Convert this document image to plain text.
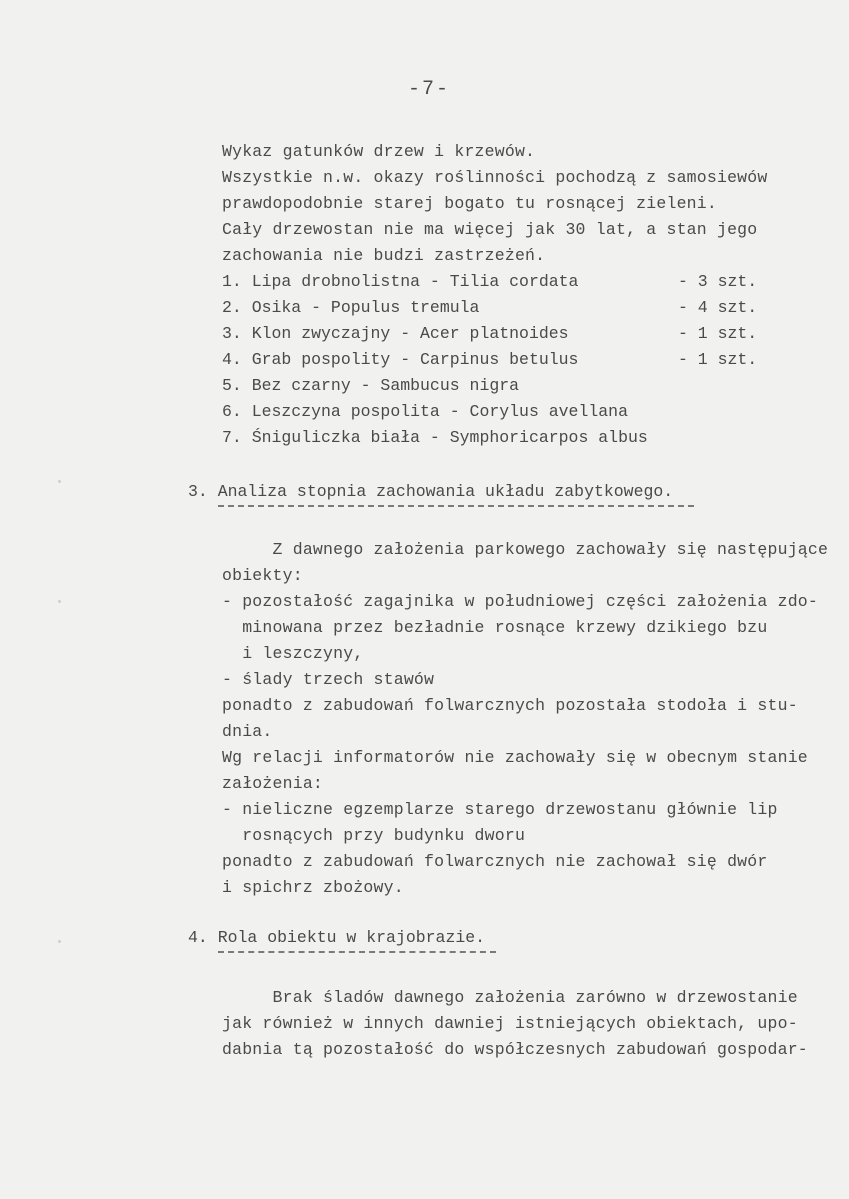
-7-
Wykaz gatunków drzew i krzewów.
Wszystkie n.w. okazy roślinności pochodzą z samosiewów
prawdopodobnie starej bogato tu rosnącej zieleni.
Cały drzewostan nie ma więcej jak 30 lat, a stan jego
zachowania nie budzi zastrzeżeń.
1. Lipa drobnolistna - Tilia cordata	- 3 szt.
2. Osika - Populus tremula	- 4 szt.
3. Klon zwyczajny - Acer platnoides	- 1 szt.
4. Grab pospolity - Carpinus betulus	- 1 szt.
5. Bez czarny - Sambucus nigra
6. Leszczyna pospolita - Corylus avellana
7. Śniguliczka biała - Symphoricarpos albus
3. Analiza stopnia zachowania układu zabytkowego.
Z dawnego założenia parkowego zachowały się następujące
obiekty:
- pozostałość zagajnika w południowej części założenia zdo-
minowana przez bezładnie rosnące krzewy dzikiego bzu
i leszczyny,
- ślady trzech stawów
ponadto z zabudowań folwarcznych pozostała stodoła i stu-
dnia.
Wg relacji informatorów nie zachowały się w obecnym stanie
założenia:
- nieliczne egzemplarze starego drzewostanu głównie lip
rosnących przy budynku dworu
ponadto z zabudowań folwarcznych nie zachował się dwór
i spichrz zbożowy.
4. Rola obiektu w krajobrazie.
Brak śladów dawnego założenia zarówno w drzewostanie
jak również w innych dawniej istniejących obiektach, upo-
dabnia tą pozostałość do współczesnych zabudowań gospodar-
